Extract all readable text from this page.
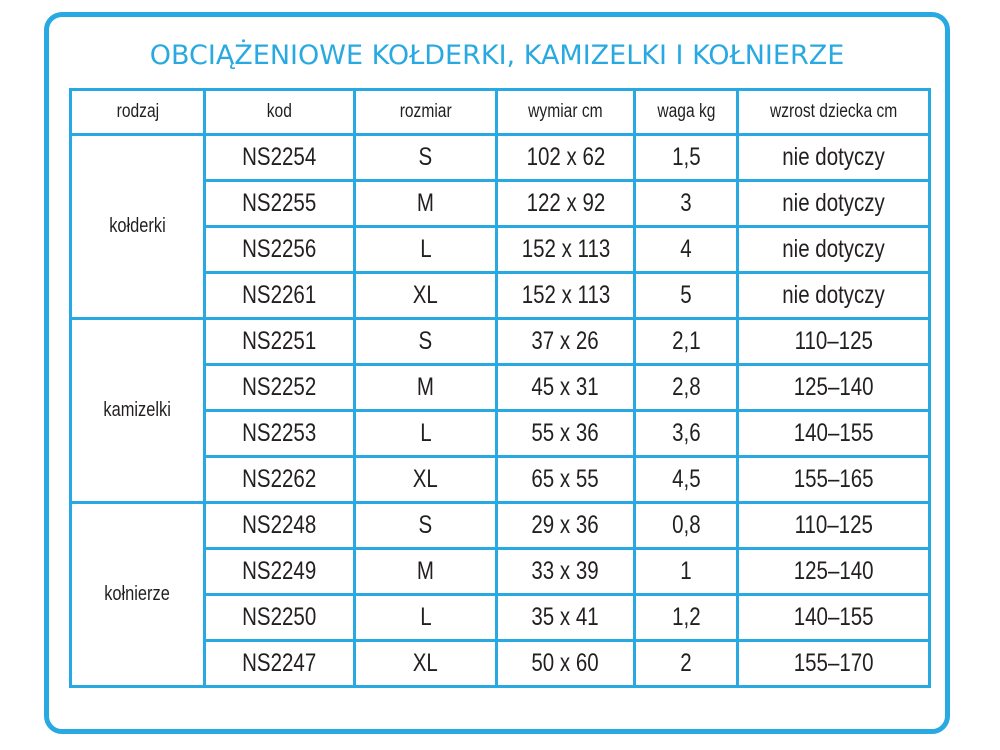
OBCIĄŻENIOWE KOŁDERKI, KAMIZELKI I KOŁNIERZE
rodzaj	kod	rozmiar	wymiar cm	waga kg	wzrost dziecka cm
kołderki	NS2254	S	102 x 62	1,5	nie dotyczy
	NS2255	M	122 x 92	3	nie dotyczy
	NS2256	L	152 x 113	4	nie dotyczy
	NS2261	XL	152 x 113	5	nie dotyczy
kamizelki	NS2251	S	37 x 26	2,1	110–125
	NS2252	M	45 x 31	2,8	125–140
	NS2253	L	55 x 36	3,6	140–155
	NS2262	XL	65 x 55	4,5	155–165
kołnierze	NS2248	S	29 x 36	0,8	110–125
	NS2249	M	33 x 39	1	125–140
	NS2250	L	35 x 41	1,2	140–155
	NS2247	XL	50 x 60	2	155–170
